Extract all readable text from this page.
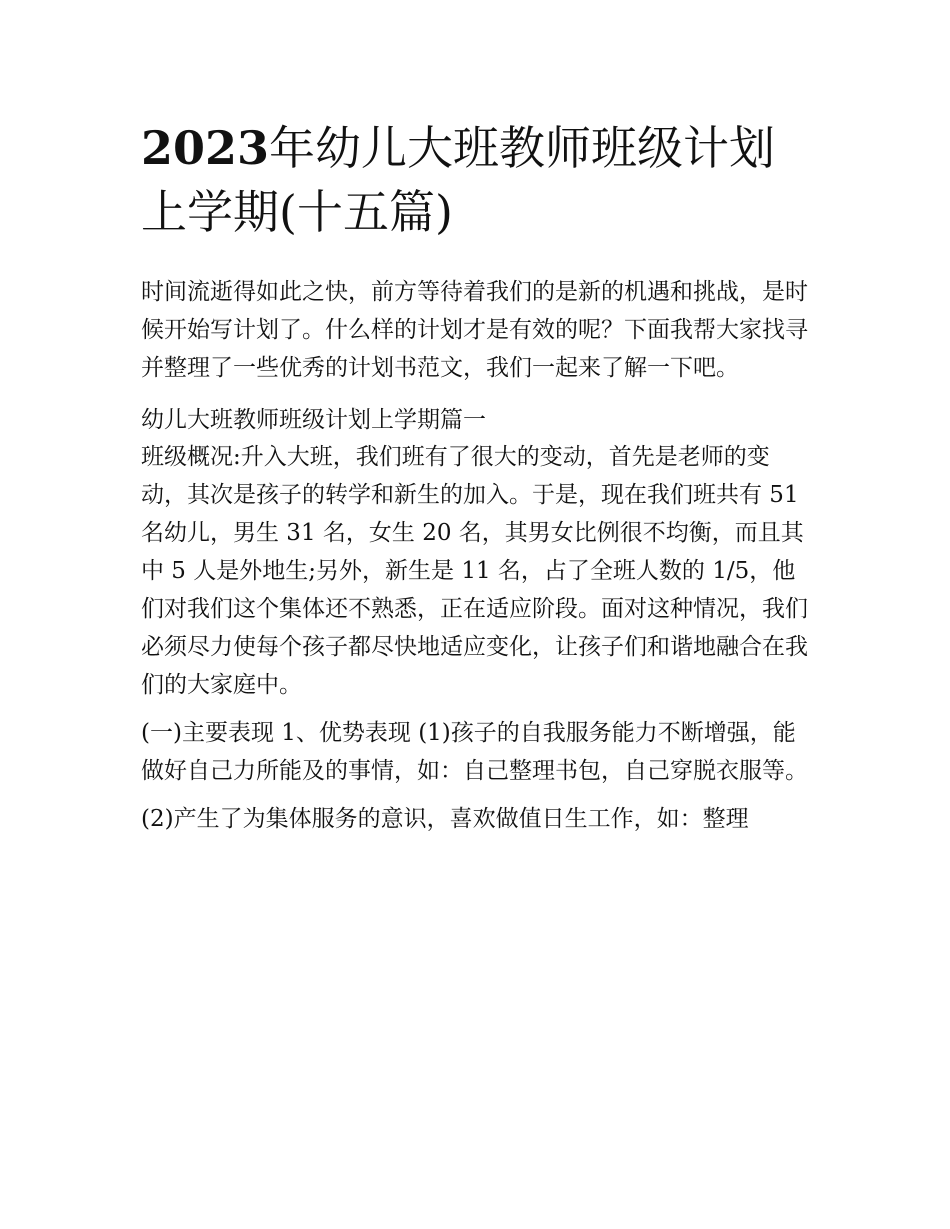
2023年幼儿大班教师班级计划
上学期(十五篇)

时间流逝得如此之快，前方等待着我们的是新的机遇和挑战，是时候开始写计划了。什么样的计划才是有效的呢？下面我帮大家找寻并整理了一些优秀的计划书范文，我们一起来了解一下吧。

幼儿大班教师班级计划上学期篇一

班级概况:升入大班，我们班有了很大的变动，首先是老师的变动，其次是孩子的转学和新生的加入。于是，现在我们班共有 51 名幼儿，男生 31 名，女生 20 名，其男女比例很不均衡，而且其中 5 人是外地生;另外，新生是 11 名，占了全班人数的 1/5，他们对我们这个集体还不熟悉，正在适应阶段。面对这种情况，我们必须尽力使每个孩子都尽快地适应变化，让孩子们和谐地融合在我们的大家庭中。

(一)主要表现 1、优势表现 (1)孩子的自我服务能力不断增强，能做好自己力所能及的事情，如：自己整理书包，自己穿脱衣服等。

(2)产生了为集体服务的意识，喜欢做值日生工作，如：整理
